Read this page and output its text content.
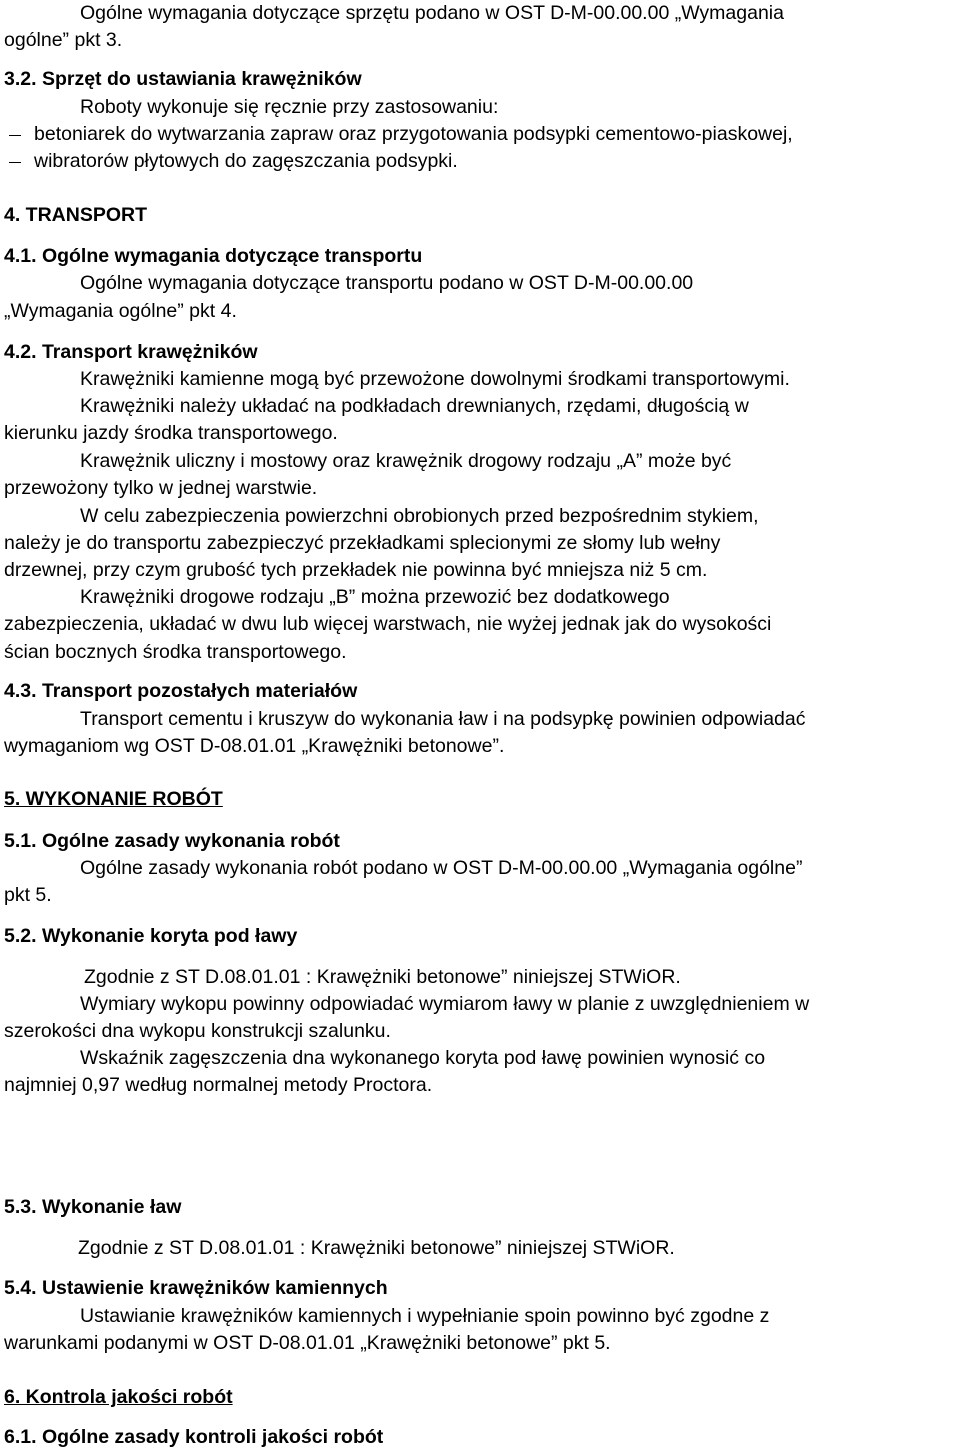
Ogólne wymagania dotyczące sprzętu podano w OST D-M-00.00.00 „Wymagania
ogólne” pkt 3.
3.2. Sprzęt do ustawiania krawężników
Roboty wykonuje się ręcznie przy zastosowaniu:
betoniarek do wytwarzania zapraw oraz przygotowania podsypki cementowo-piaskowej,
wibratorów płytowych do zagęszczania podsypki.
4. TRANSPORT
4.1. Ogólne wymagania dotyczące transportu
Ogólne wymagania dotyczące transportu podano w OST D-M-00.00.00
„Wymagania ogólne” pkt 4.
4.2. Transport krawężników
Krawężniki kamienne mogą być przewożone dowolnymi środkami transportowymi.
Krawężniki należy układać na podkładach drewnianych, rzędami, długością w
kierunku jazdy środka transportowego.
Krawężnik uliczny i mostowy oraz krawężnik drogowy rodzaju „A” może być
przewożony tylko w jednej warstwie.
W celu zabezpieczenia powierzchni obrobionych przed bezpośrednim stykiem,
należy je do transportu zabezpieczyć przekładkami splecionymi ze słomy lub wełny
drzewnej, przy czym grubość tych przekładek nie powinna być mniejsza niż 5 cm.
Krawężniki drogowe rodzaju „B” można przewozić bez dodatkowego
zabezpieczenia, układać w dwu lub więcej warstwach, nie wyżej jednak jak do wysokości
ścian bocznych środka transportowego.
4.3. Transport pozostałych materiałów
Transport cementu i kruszyw do wykonania ław i na podsypkę powinien odpowiadać
wymaganiom wg OST D-08.01.01 „Krawężniki betonowe”.
5. WYKONANIE ROBÓT
5.1. Ogólne zasady wykonania robót
Ogólne zasady wykonania robót podano w OST D-M-00.00.00 „Wymagania ogólne”
pkt 5.
5.2. Wykonanie koryta pod ławy
Zgodnie z ST D.08.01.01 : Krawężniki betonowe” niniejszej STWiOR.
Wymiary wykopu powinny odpowiadać wymiarom ławy w planie z uwzględnieniem w
szerokości dna wykopu konstrukcji szalunku.
Wskaźnik zagęszczenia dna wykonanego koryta pod ławę powinien wynosić co
najmniej 0,97 według normalnej metody Proctora.
5.3. Wykonanie ław
Zgodnie z ST D.08.01.01 : Krawężniki betonowe” niniejszej STWiOR.
5.4. Ustawienie krawężników kamiennych
Ustawianie krawężników kamiennych i wypełnianie spoin powinno być zgodne z
warunkami podanymi w OST D-08.01.01 „Krawężniki betonowe” pkt 5.
6. Kontrola jakości robót
6.1. Ogólne zasady kontroli jakości robót
